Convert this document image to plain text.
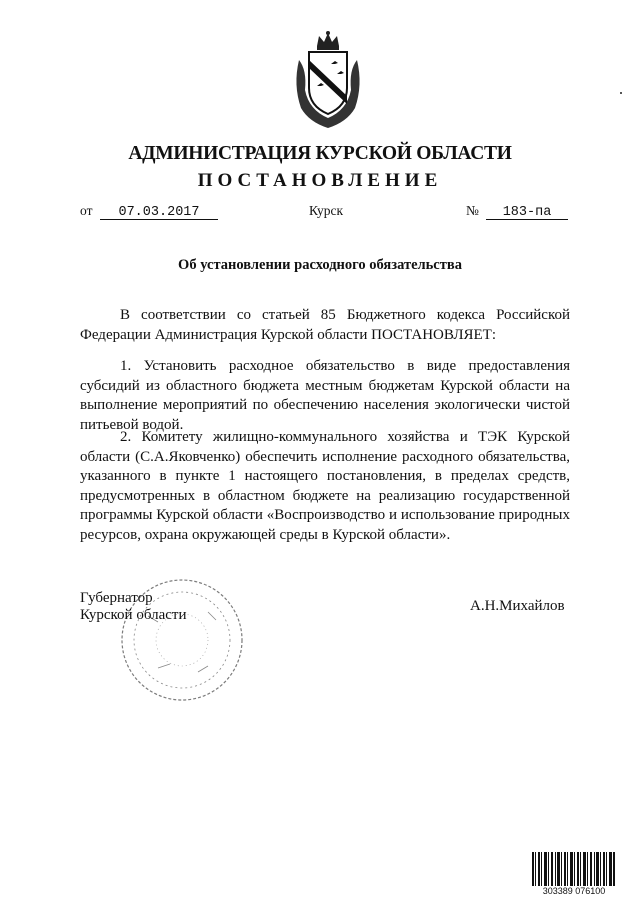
АДМИНИСТРАЦИЯ КУРСКОЙ ОБЛАСТИ
ПОСТАНОВЛЕНИЕ
от	07.03.2017	Курск	№	183-па
Об установлении расходного обязательства

В соответствии со статьей 85 Бюджетного кодекса Российской Федерации Администрация Курской области ПОСТАНОВЛЯЕТ:

1. Установить расходное обязательство в виде предоставления субсидий из областного бюджета местным бюджетам Курской области на выполнение мероприятий по обеспечению населения экологически чистой питьевой водой.

2. Комитету жилищно-коммунального хозяйства и ТЭК Курской области (С.А.Яковченко) обеспечить исполнение расходного обязательства, указанного в пункте 1 настоящего постановления, в пределах средств, предусмотренных в областном бюджете на реализацию государственной программы Курской области «Воспроизводство и использование природных ресурсов, охрана окружающей среды в Курской области».

Губернатор
Курской области
А.Н.Михайлов
303389 076100
